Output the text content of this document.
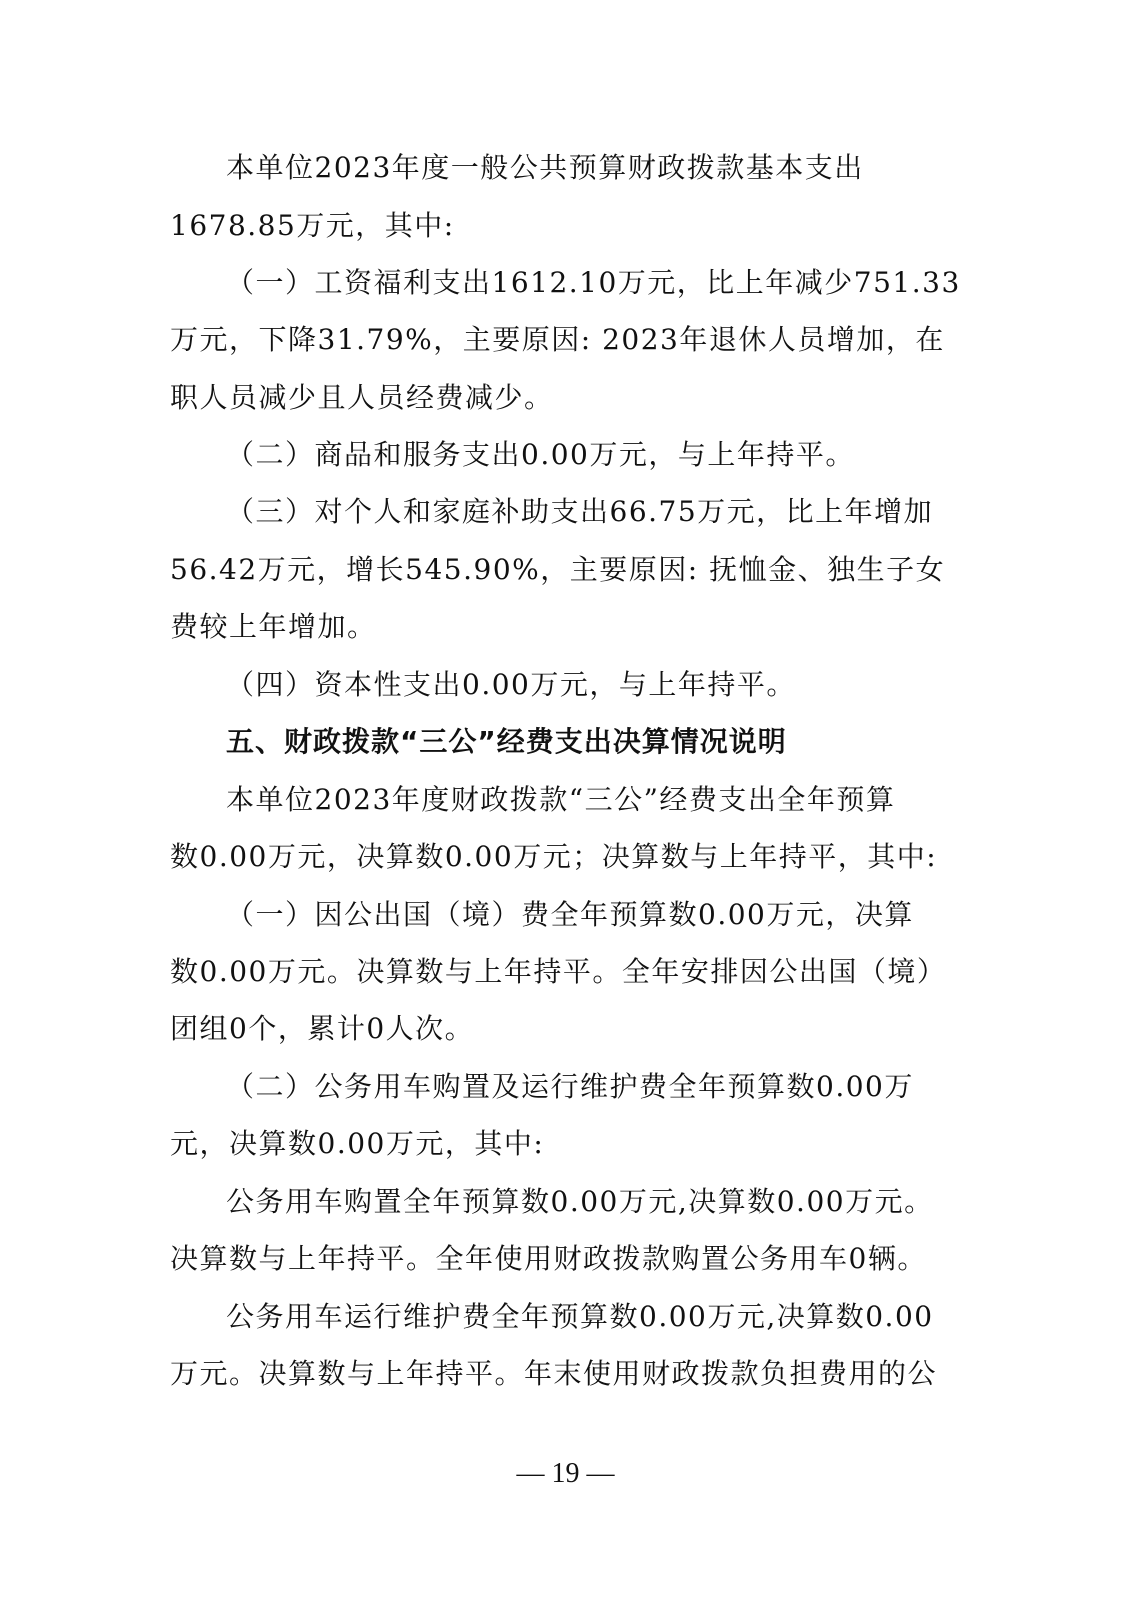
本单位2023年度一般公共预算财政拨款基本支出
1678.85万元，其中:
（一）工资福利支出1612.10万元，比上年减少751.33
万元，下降31.79%，主要原因: 2023年退休人员增加，在
职人员减少且人员经费减少。
（二）商品和服务支出0.00万元，与上年持平。
（三）对个人和家庭补助支出66.75万元，比上年增加
56.42万元，增长545.90%，主要原因: 抚恤金、独生子女
费较上年增加。
（四）资本性支出0.00万元，与上年持平。
五、财政拨款“三公”经费支出决算情况说明
本单位2023年度财政拨款“三公”经费支出全年预算
数0.00万元，决算数0.00万元；决算数与上年持平，其中:
（一）因公出国（境）费全年预算数0.00万元，决算
数0.00万元。决算数与上年持平。全年安排因公出国（境）
团组0个，累计0人次。
（二）公务用车购置及运行维护费全年预算数0.00万
元，决算数0.00万元，其中:
公务用车购置全年预算数0.00万元,决算数0.00万元。
决算数与上年持平。全年使用财政拨款购置公务用车0辆。
公务用车运行维护费全年预算数0.00万元,决算数0.00
万元。决算数与上年持平。年末使用财政拨款负担费用的公
— 19 —
